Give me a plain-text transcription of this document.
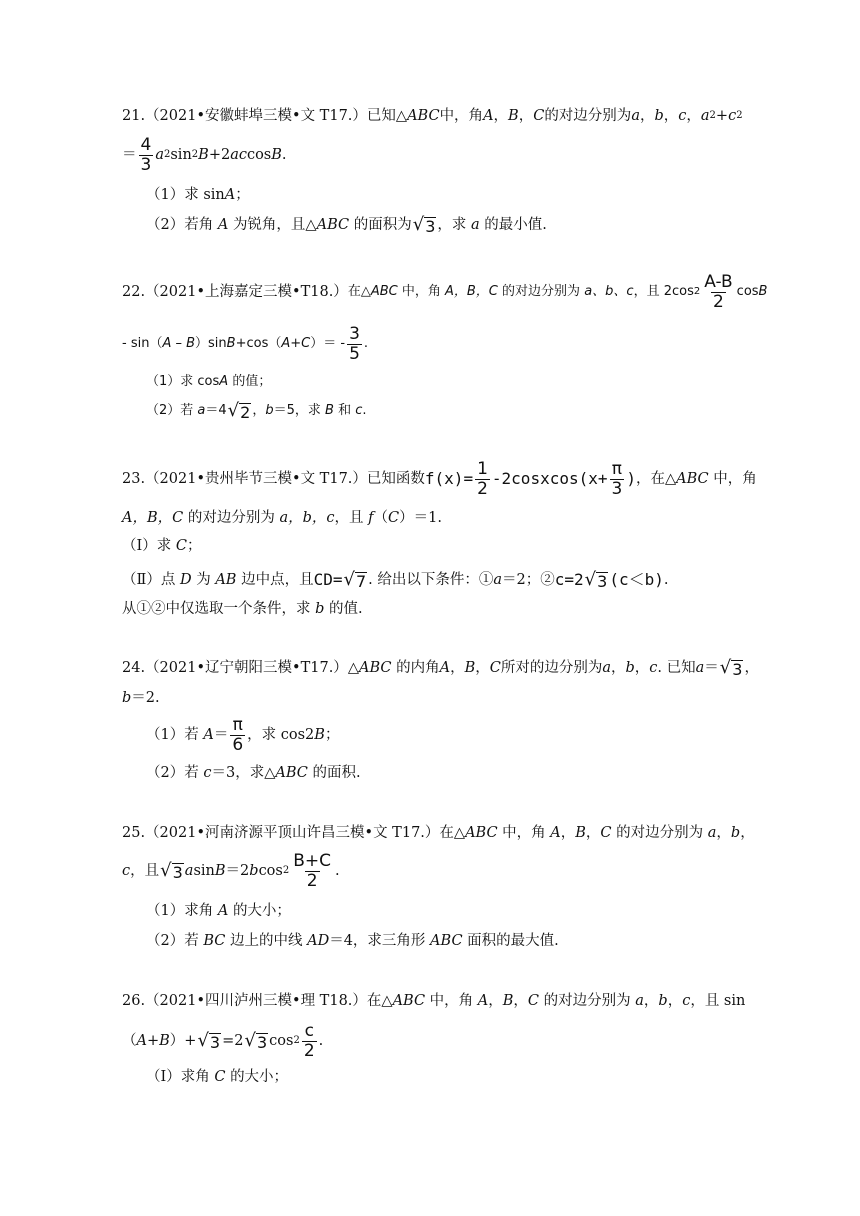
21.（2021•安徽蚌埠三模•文 T17.） 已知△ ABC 中，角 A ， B ， C 的对边分别为 a ， b ， c ， a 2 + c 2
＝ $\frac{4}{3}$ a 2 sin 2 B +2 ac cos B .
（1）求 sin A ；
（2）若角
A
为锐角，且△ ABC
的面积为 √ 3 ，求
a
的最小值.
22.（2021•上海嘉定三模•T18.） 在△ ABC
中，角
A，B，C
的对边分别为
a、b、c ，且 2cos $2 \frac{A-B}{2}$ cos B
- sin（ A – B ）sin B +cos（ A+C ）＝ - $\frac{3}{5}$ .
（1）求 cos A
的值；
（2）若
a ＝4 √ 2 ， b ＝5，求
B
和
c .
23.（2021•贵州毕节三模•文 T17.） 已知函数 $f(x) = \frac{1}{2}$ -2cosxcos(x+ $\frac{\pi}{3}$ ) ，在△ ABC
中，角
A，B，C
的对边分别为
a，b，c ，且
f （ C ）＝1.
（Ⅰ）求
C ；
（Ⅱ）点
D
为
AB
边中点，且 CD= √ 7 . 给出以下条件：① a ＝2；② c=2 √ 3 (c＜b) .
从①②中仅选取一个条件，求
b
的值.
24.（2021•辽宁朝阳三模•T17.） △ ABC
的内角 A ， B ， C 所对的边分别为 a ， b ， c . 已知 a ＝ √ 3 ，
b ＝2.
（1）若
$A = \frac{\pi}{6}$ ，求 cos2 B ；
（2）若
c ＝3，求△ ABC
的面积.
25.（2021•河南济源平顶山许昌三模•文 T17.） 在△ ABC
中，角
A ， B ， C
的对边分别为
a ， b ，
c ，且 √ 3 a sin B ＝2 b $\cos 2 \frac{B+C}{2}$ .
（1）求角
A
的大小；
（2）若
BC
边上的中线
AD ＝4，求三角形
ABC
面积的最大值.
26.（2021•四川泸州三模•理 T18.） 在△ ABC
中，角
A ， B ， C
的对边分别为
a ， b ， c ，且 sin
（ A+B ）+ √ 3 =2 √ 3 $\cos 2 \frac{c}{2}$ .
（Ⅰ）求角
C
的大小；
